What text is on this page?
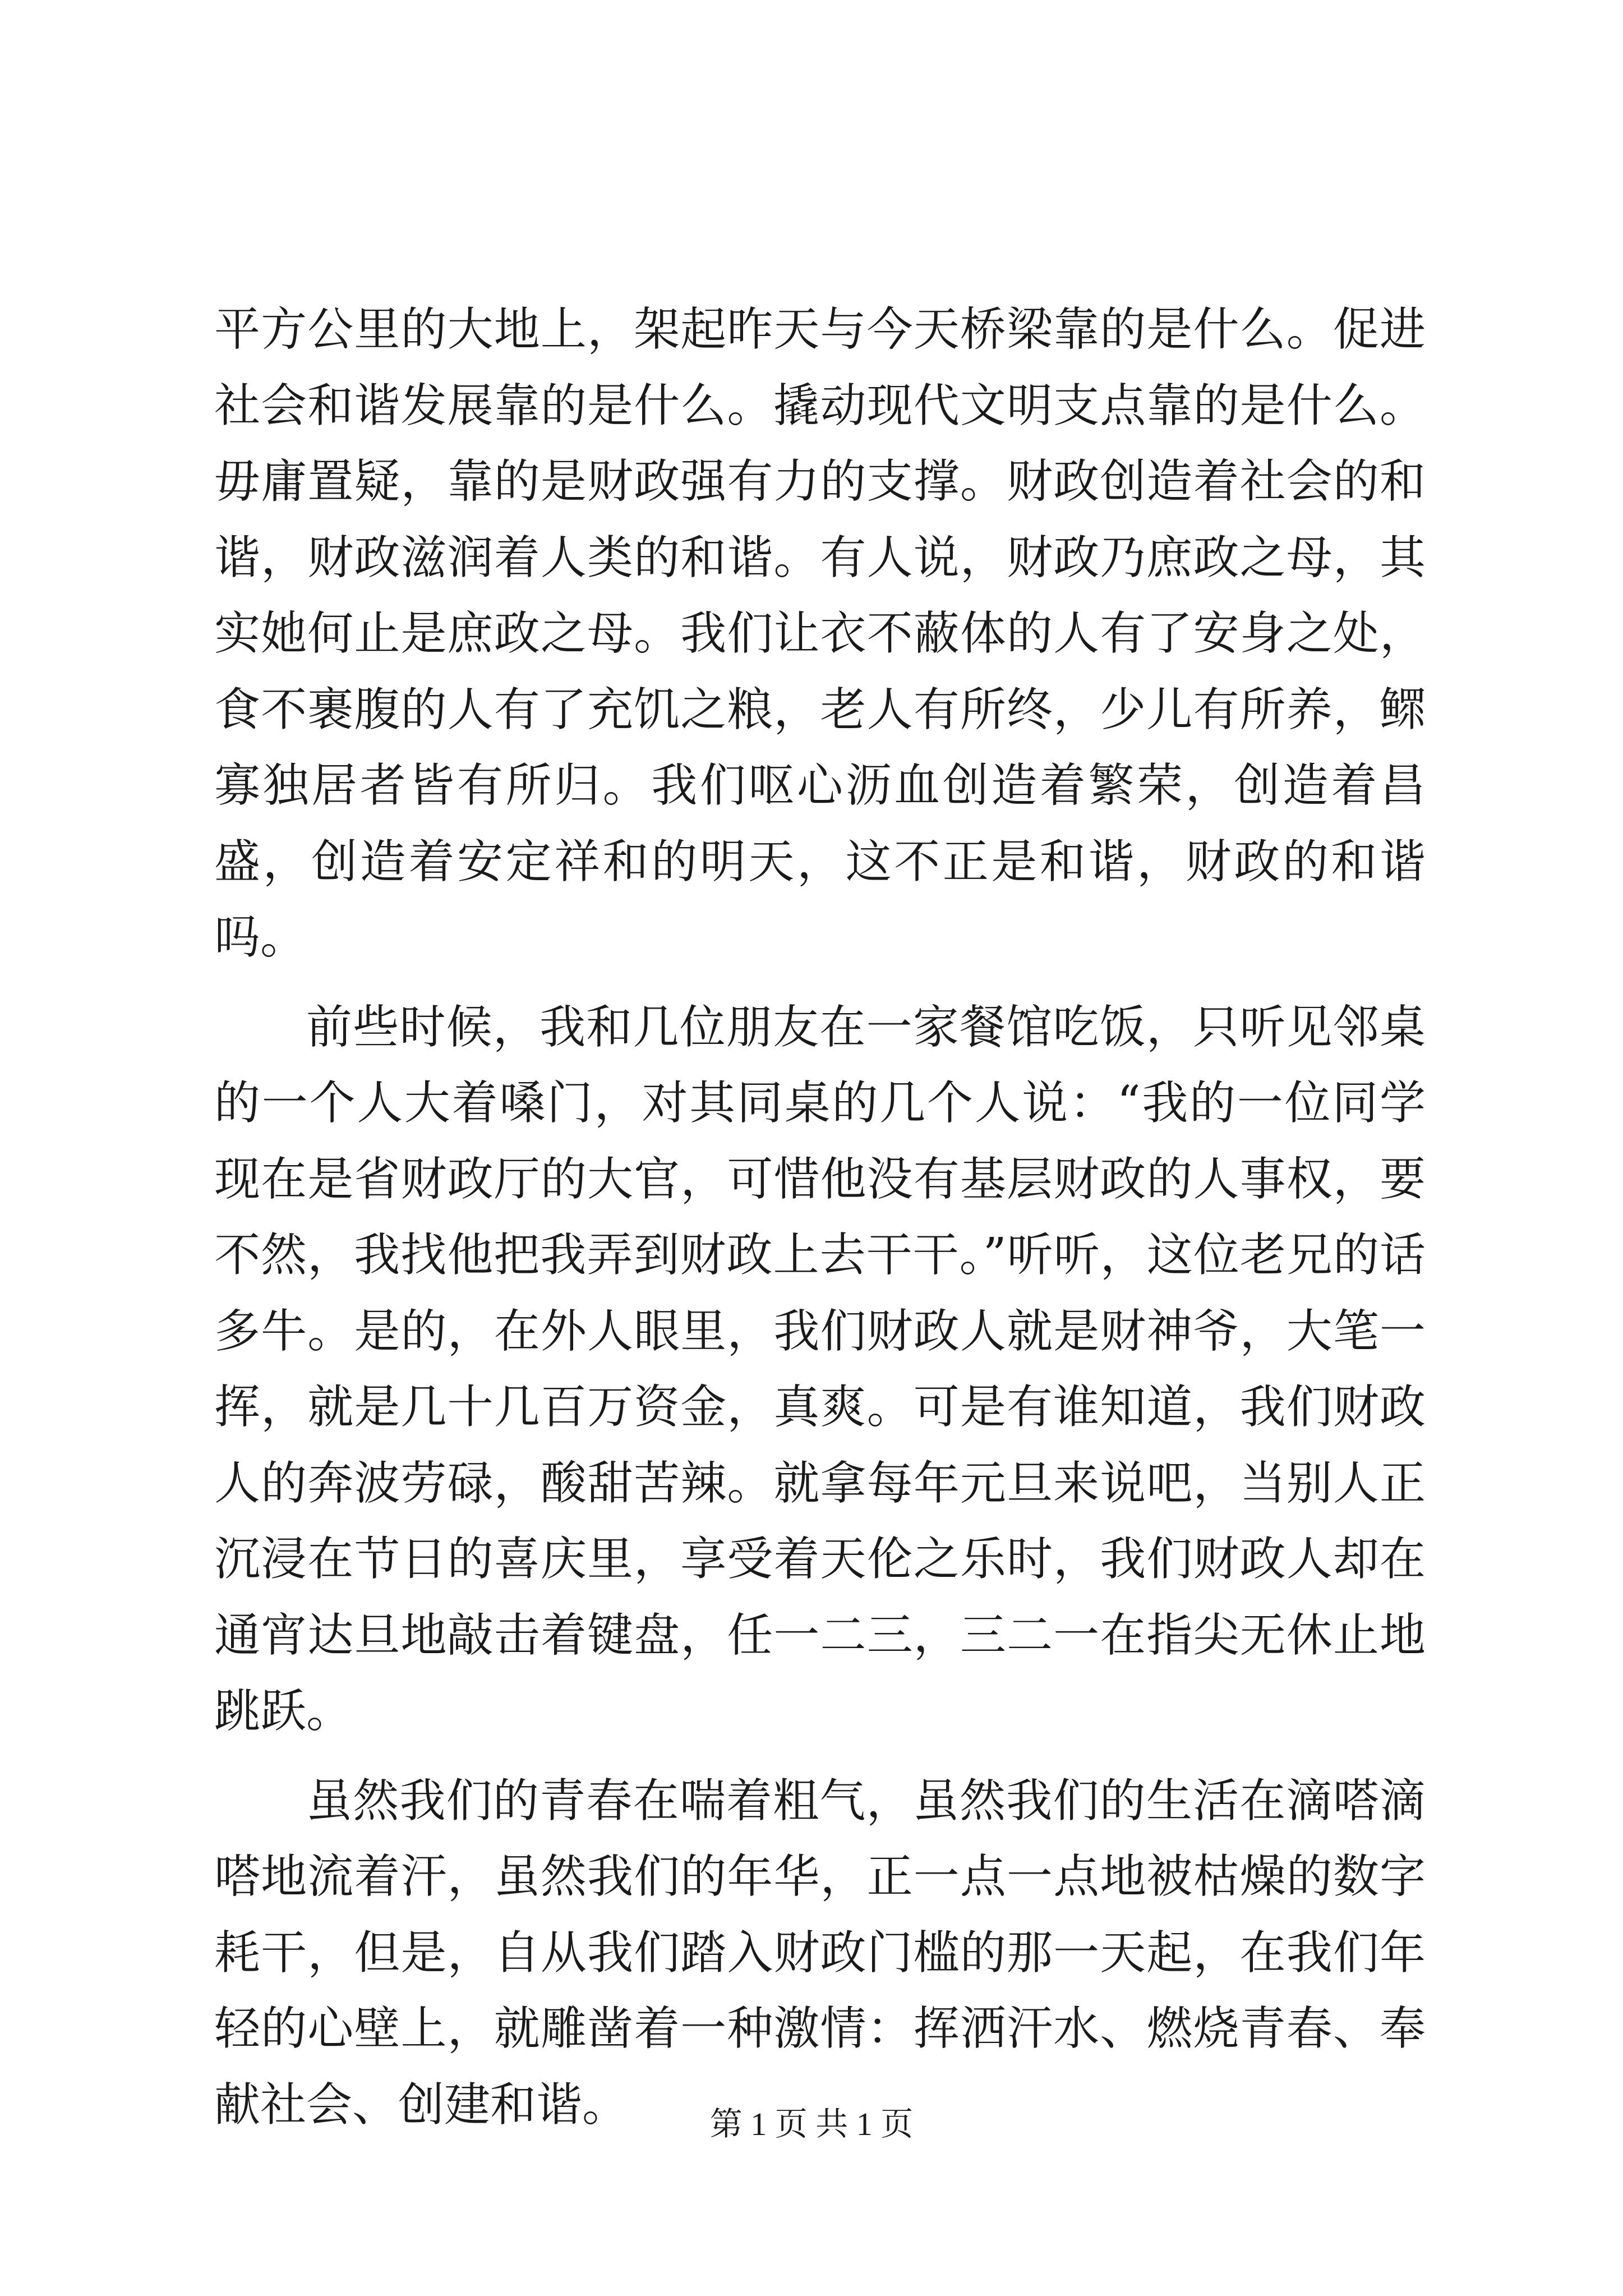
平方公里的大地上，架起昨天与今天桥梁靠的是什么。促进社会和谐发展靠的是什么。撬动现代文明支点靠的是什么。毋庸置疑，靠的是财政强有力的支撑。财政创造着社会的和谐，财政滋润着人类的和谐。有人说，财政乃庶政之母，其实她何止是庶政之母。我们让衣不蔽体的人有了安身之处，食不裹腹的人有了充饥之粮，老人有所终，少儿有所养，鳏寡独居者皆有所归。我们呕心沥血创造着繁荣，创造着昌盛，创造着安定祥和的明天，这不正是和谐，财政的和谐吗。

前些时候，我和几位朋友在一家餐馆吃饭，只听见邻桌的一个人大着嗓门，对其同桌的几个人说：“我的一位同学现在是省财政厅的大官，可惜他没有基层财政的人事权，要不然，我找他把我弄到财政上去干干。”听听，这位老兄的话多牛。是的，在外人眼里，我们财政人就是财神爷，大笔一挥，就是几十几百万资金，真爽。可是有谁知道，我们财政人的奔波劳碌，酸甜苦辣。就拿每年元旦来说吧，当别人正沉浸在节日的喜庆里，享受着天伦之乐时，我们财政人却在通宵达旦地敲击着键盘，任一二三，三二一在指尖无休止地跳跃。

虽然我们的青春在喘着粗气，虽然我们的生活在滴嗒滴嗒地流着汗，虽然我们的年华，正一点一点地被枯燥的数字耗干，但是，自从我们踏入财政门槛的那一天起，在我们年轻的心壁上，就雕凿着一种激情：挥洒汗水、燃烧青春、奉献社会、创建和谐。	第 1 页 共 1 页
